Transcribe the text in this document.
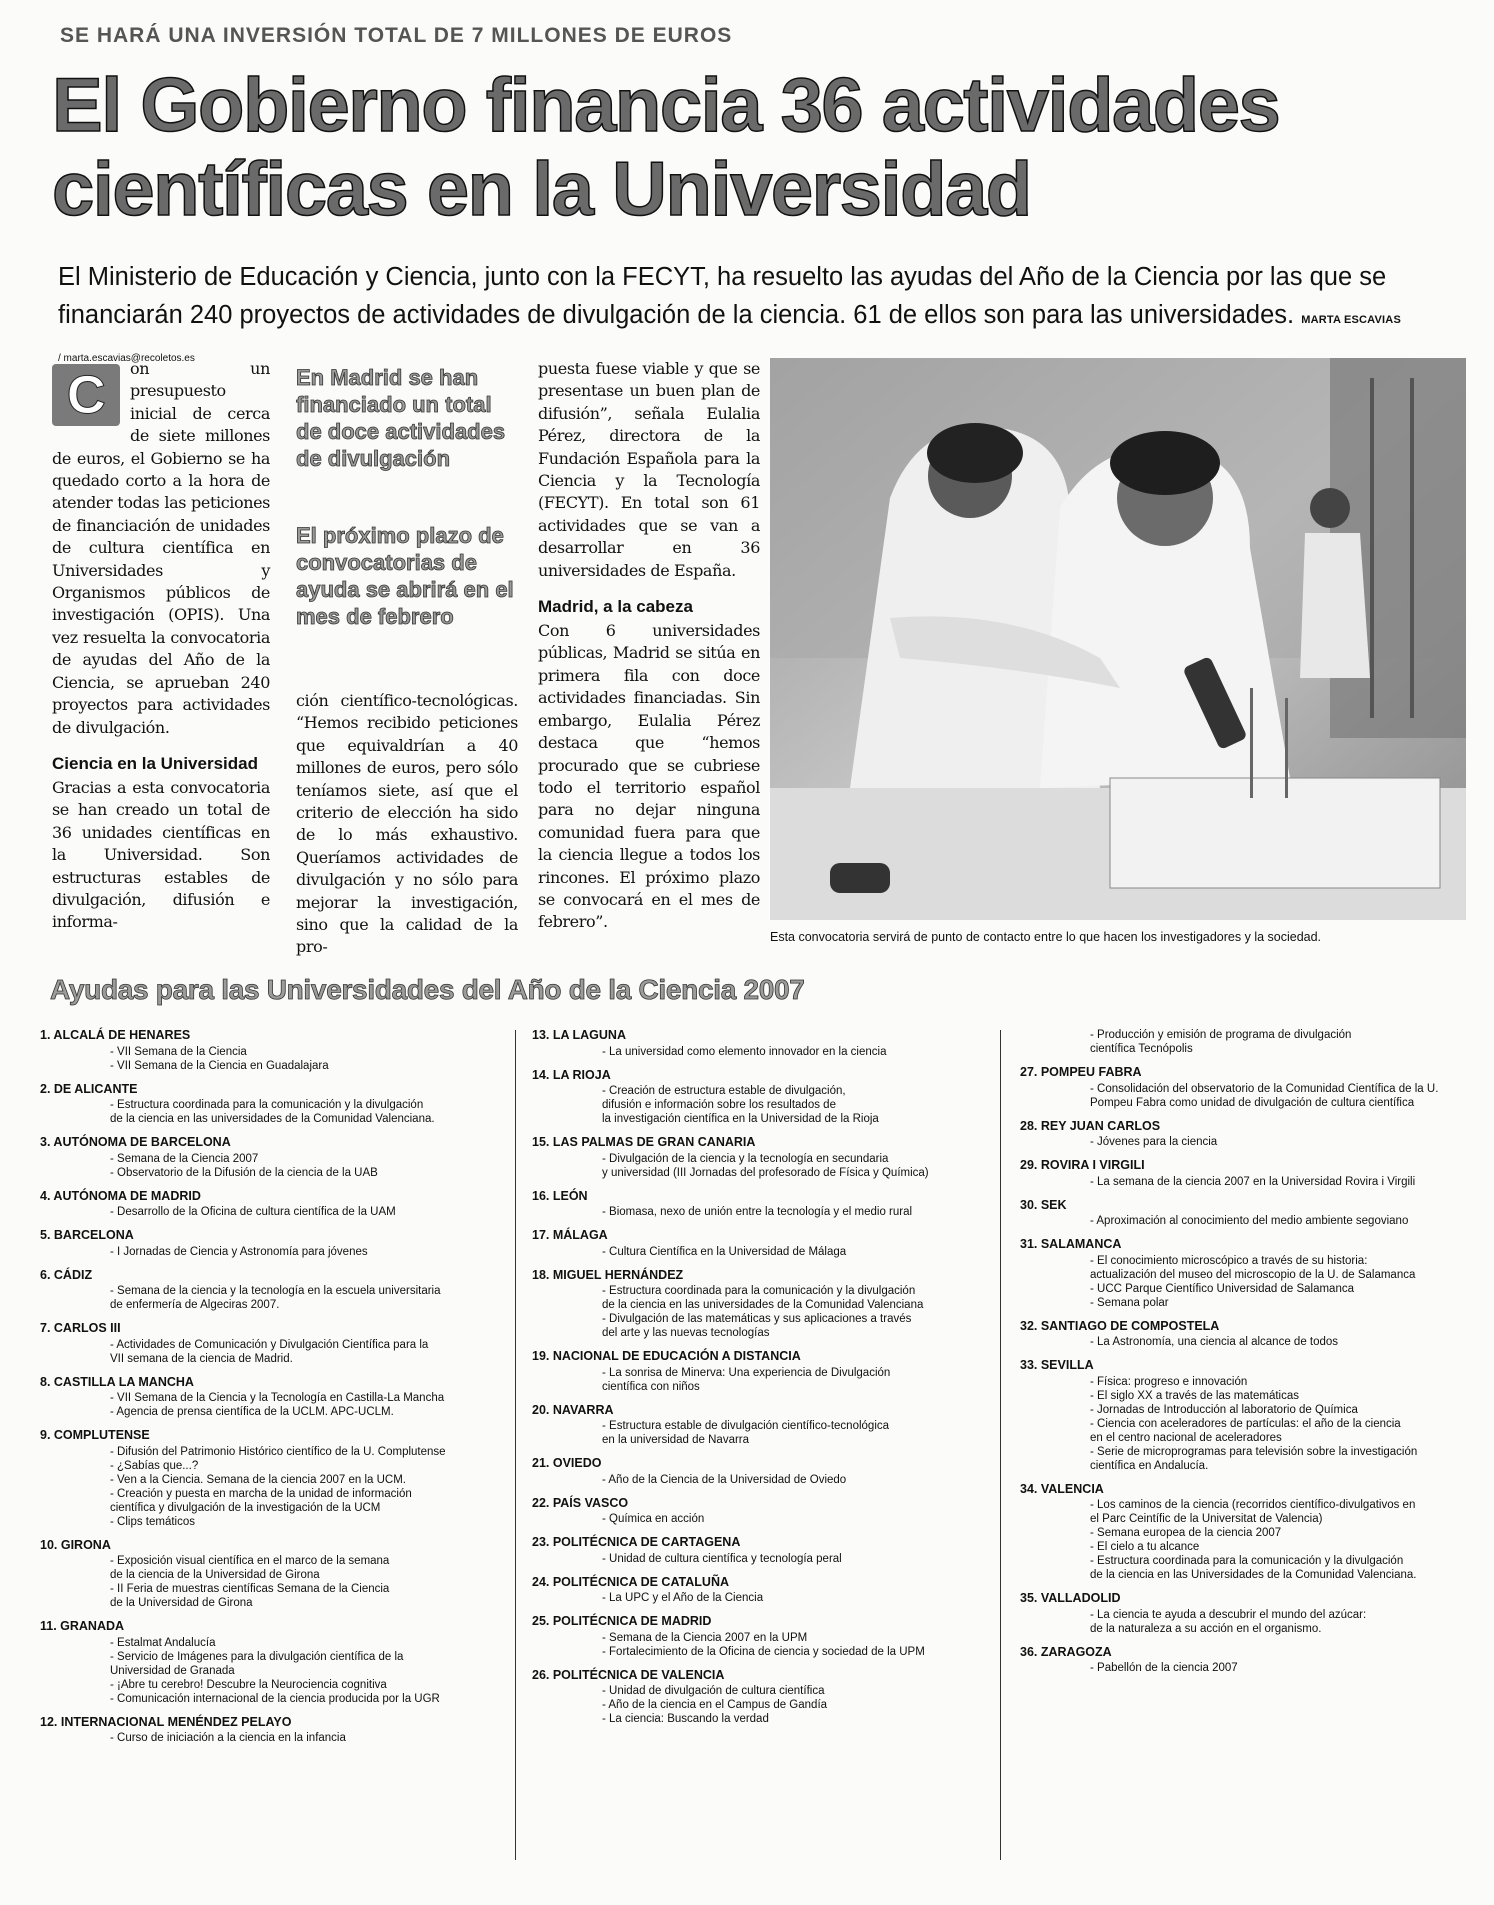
SE HARÁ UNA INVERSIÓN TOTAL DE 7 MILLONES DE EUROS
El Gobierno financia 36 actividades científicas en la Universidad
El Ministerio de Educación y Ciencia, junto con la FECYT, ha resuelto las ayudas del Año de la Ciencia por las que se financiarán 240 proyectos de actividades de divulgación de la ciencia. 61 de ellos son para las universidades. MARTA ESCAVIAS / marta.escavias@recoletos.es
C	on un presupuesto inicial de cerca de siete millones de euros, el Gobierno se ha quedado corto a la hora de atender todas las peticiones de financiación de unidades de cultura científica en Universidades y Organismos públicos de investigación (OPIS). Una vez resuelta la convocatoria de ayudas del Año de la Ciencia, se aprueban 240 proyectos para actividades de divulgación.

Ciencia en la Universidad

Gracias a esta convocatoria se han creado un total de 36 unidades científicas en la Universidad. Son estructuras estables de divulgación, difusión e informa-

En Madrid se han financiado un total de doce actividades de divulgación
El próximo plazo de convocatorias de ayuda se abrirá en el mes de febrero

ción científico-tecnológicas. “Hemos recibido peticiones que equivaldrían a 40 millones de euros, pero sólo teníamos siete, así que el criterio de elección ha sido de lo más exhaustivo. Queríamos actividades de divulgación y no sólo para mejorar la investigación, sino que la calidad de la pro-

puesta fuese viable y que se presentase un buen plan de difusión”, señala Eulalia Pérez, directora de la Fundación Española para la Ciencia y la Tecnología (FECYT). En total son 61 actividades que se van a desarrollar en 36 universidades de España.

Madrid, a la cabeza

Con 6 universidades públicas, Madrid se sitúa en primera fila con doce actividades financiadas. Sin embargo, Eulalia Pérez destaca que “hemos procurado que se cubriese todo el territorio español para no dejar ninguna comunidad fuera para que la ciencia llegue a todos los rincones. El próximo plazo se convocará en el mes de febrero”.

Esta convocatoria servirá de punto de contacto entre lo que hacen los investigadores y la sociedad.
Ayudas para las Universidades del Año de la Ciencia 2007
1. ALCALÁ DE HENARES
- VII Semana de la Ciencia
- VII Semana de la Ciencia en Guadalajara
2. DE ALICANTE
- Estructura coordinada para la comunicación y la divulgación
de la ciencia en las universidades de la Comunidad Valenciana.
3. AUTÓNOMA DE BARCELONA
- Semana de la Ciencia 2007
- Observatorio de la Difusión de la ciencia de la UAB
4. AUTÓNOMA DE MADRID
- Desarrollo de la Oficina de cultura científica de la UAM
5. BARCELONA
- I Jornadas de Ciencia y Astronomía para jóvenes
6. CÁDIZ
- Semana de la ciencia y la tecnología en la escuela universitaria
de enfermería de Algeciras 2007.
7. CARLOS III
- Actividades de Comunicación y Divulgación Científica para la
VII semana de la ciencia de Madrid.
8. CASTILLA LA MANCHA
- VII Semana de la Ciencia y la Tecnología en Castilla-La Mancha
- Agencia de prensa científica de la UCLM. APC-UCLM.
9. COMPLUTENSE
- Difusión del Patrimonio Histórico científico de la U. Complutense
- ¿Sabías que...?
- Ven a la Ciencia. Semana de la ciencia 2007 en la UCM.
- Creación y puesta en marcha de la unidad de información
científica y divulgación de la investigación de la UCM
- Clips temáticos
10. GIRONA
- Exposición visual científica en el marco de la semana
de la ciencia de la Universidad de Girona
- II Feria de muestras científicas Semana de la Ciencia
de la Universidad de Girona
11. GRANADA
- Estalmat Andalucía
- Servicio de Imágenes para la divulgación científica de la
Universidad de Granada
- ¡Abre tu cerebro! Descubre la Neurociencia cognitiva
- Comunicación internacional de la ciencia producida por la UGR
12. INTERNACIONAL MENÉNDEZ PELAYO
- Curso de iniciación a la ciencia en la infancia
13. LA LAGUNA
- La universidad como elemento innovador en la ciencia
14. LA RIOJA
- Creación de estructura estable de divulgación,
difusión e información sobre los resultados de
la investigación científica en la Universidad de la Rioja
15. LAS PALMAS DE GRAN CANARIA
- Divulgación de la ciencia y la tecnología en secundaria
y universidad (III Jornadas del profesorado de Física y Química)
16. LEÓN
- Biomasa, nexo de unión entre la tecnología y el medio rural
17. MÁLAGA
- Cultura Científica en la Universidad de Málaga
18. MIGUEL HERNÁNDEZ
- Estructura coordinada para la comunicación y la divulgación
de la ciencia en las universidades de la Comunidad Valenciana
- Divulgación de las matemáticas y sus aplicaciones a través
del arte y las nuevas tecnologías
19. NACIONAL DE EDUCACIÓN A DISTANCIA
- La sonrisa de Minerva: Una experiencia de Divulgación
científica con niños
20. NAVARRA
- Estructura estable de divulgación científico-tecnológica
en la universidad de Navarra
21. OVIEDO
- Año de la Ciencia de la Universidad de Oviedo
22. PAÍS VASCO
- Química en acción
23. POLITÉCNICA DE CARTAGENA
- Unidad de cultura científica y tecnología peral
24. POLITÉCNICA DE CATALUÑA
- La UPC y el Año de la Ciencia
25. POLITÉCNICA DE MADRID
- Semana de la Ciencia 2007 en la UPM
- Fortalecimiento de la Oficina de ciencia y sociedad de la UPM
26. POLITÉCNICA DE VALENCIA
- Unidad de divulgación de cultura científica
- Año de la ciencia en el Campus de Gandía
- La ciencia: Buscando la verdad
- Producción y emisión de programa de divulgación
científica Tecnópolis
27. POMPEU FABRA
- Consolidación del observatorio de la Comunidad Científica de la U.
Pompeu Fabra como unidad de divulgación de cultura científica
28. REY JUAN CARLOS
- Jóvenes para la ciencia
29. ROVIRA I VIRGILI
- La semana de la ciencia 2007 en la Universidad Rovira i Virgili
30. SEK
- Aproximación al conocimiento del medio ambiente segoviano
31. SALAMANCA
- El conocimiento microscópico a través de su historia:
actualización del museo del microscopio de la U. de Salamanca
- UCC Parque Científico Universidad de Salamanca
- Semana polar
32. SANTIAGO DE COMPOSTELA
- La Astronomía, una ciencia al alcance de todos
33. SEVILLA
- Física: progreso e innovación
- El siglo XX a través de las matemáticas
- Jornadas de Introducción al laboratorio de Química
- Ciencia con aceleradores de partículas: el año de la ciencia
en el centro nacional de aceleradores
- Serie de microprogramas para televisión sobre la investigación
científica en Andalucía.
34. VALENCIA
- Los caminos de la ciencia (recorridos científico-divulgativos en
el Parc Ceintífic de la Universitat de Valencia)
- Semana europea de la ciencia 2007
- El cielo a tu alcance
- Estructura coordinada para la comunicación y la divulgación
de la ciencia en las Universidades de la Comunidad Valenciana.
35. VALLADOLID
- La ciencia te ayuda a descubrir el mundo del azúcar:
de la naturaleza a su acción en el organismo.
36. ZARAGOZA
- Pabellón de la ciencia 2007
